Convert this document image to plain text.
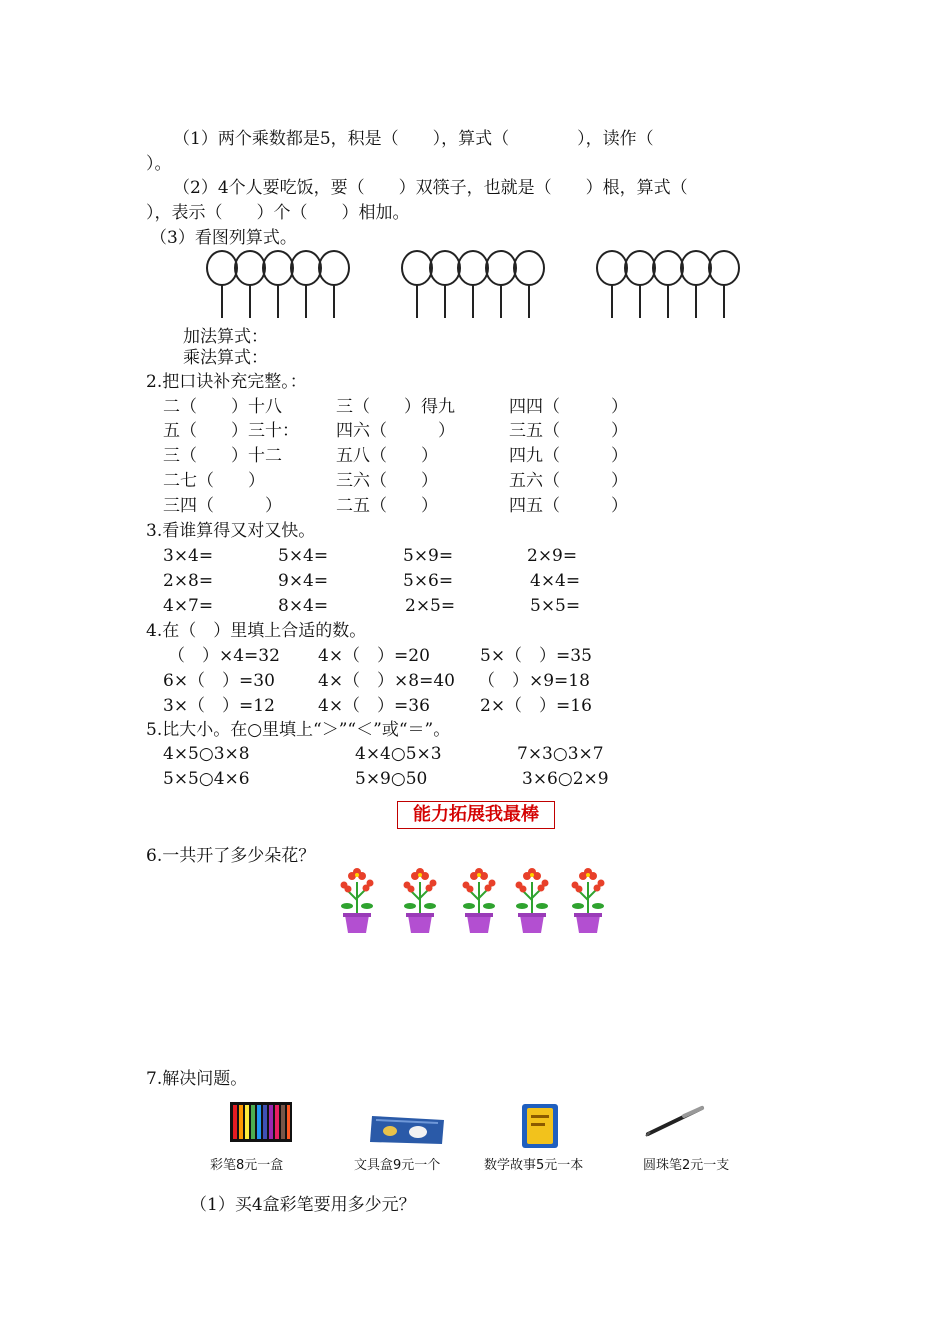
（1）两个乘数都是5，积是（　　），算式（　　　　），读作（
）。
（2）4个人要吃饭，要（　　）双筷子，也就是（　　）根，算式（
），表示（　　）个（　　）相加。
（3）看图列算式。
加法算式：
乘法算式：
2.把口诀补充完整。：
二（　　）十八	三（　　）得九	四四（　　　）
五（　　）三十： 四六（　　　）	三五（　　　）
三（　　）十二	五八（　　）	四九（　　　）
二七（　　）	三六（　　）	五六（　　　）
三四（　　　）	二五（　　）	四五（　　　）
3.看谁算得又对又快。
3×4=	5×4=	5×9=	2×9=
2×8=	9×4=	5×6=	4×4=
4×7=	8×4=	2×5=	5×5=
4.在（　）里填上合适的数。
（　）×4=32 4×（　）=20	5×（　）=35
6×（　）=30	4×（　）×8=40 （　）×9=18
3×（　）=12	4×（　）=36	2×（　）=16
5.比大小。在○里填上“＞”“＜”或“＝”。
4×5○3×8	4×4○5×3	7×3○3×7
5×5○4×6	5×9○50	3×6○2×9
能力拓展我最棒
6.一共开了多少朵花？
7.解决问题。
彩笔8元一盒	文具盒9元一个	数学故事5元一本	圆珠笔2元一支
（1）买4盒彩笔要用多少元？
